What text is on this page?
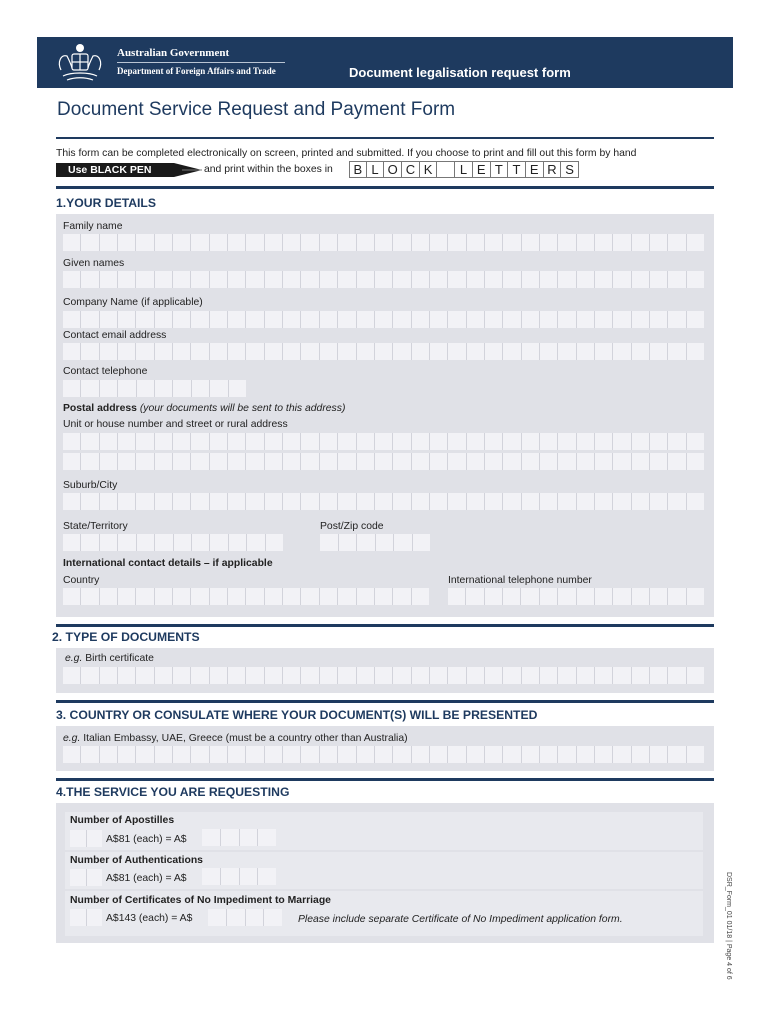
Australian Government
Department of Foreign Affairs and Trade	Document legalisation request form
Document Service Request and Payment Form
This form can be completed electronically on screen, printed and submitted. If you choose to print and fill out this form by hand
Use BLACK PEN	and print within the boxes in	B L O C K	L E T T E R S
1.YOUR DETAILS
Family name
Given names
Company Name (if applicable)
Contact email address
Contact telephone
Postal address (your documents will be sent to this address)
Unit or house number and street or rural address
Suburb/City
State/Territory	Post/Zip code
International contact details – if applicable
Country	International telephone number
2. TYPE OF DOCUMENTS
e.g. Birth certificate
3. COUNTRY OR CONSULATE WHERE YOUR DOCUMENT(S) WILL BE PRESENTED
e.g. Italian Embassy, UAE, Greece (must be a country other than Australia)
4.THE SERVICE YOU ARE REQUESTING
Number of Apostilles
A$81 (each) = A$
Number of Authentications
A$81 (each) = A$
Number of Certificates of No Impediment to Marriage
A$143 (each) = A$	Please include separate Certificate of No Impediment application form.	DSR_Form_01 01/18 | Page 4 of 6
